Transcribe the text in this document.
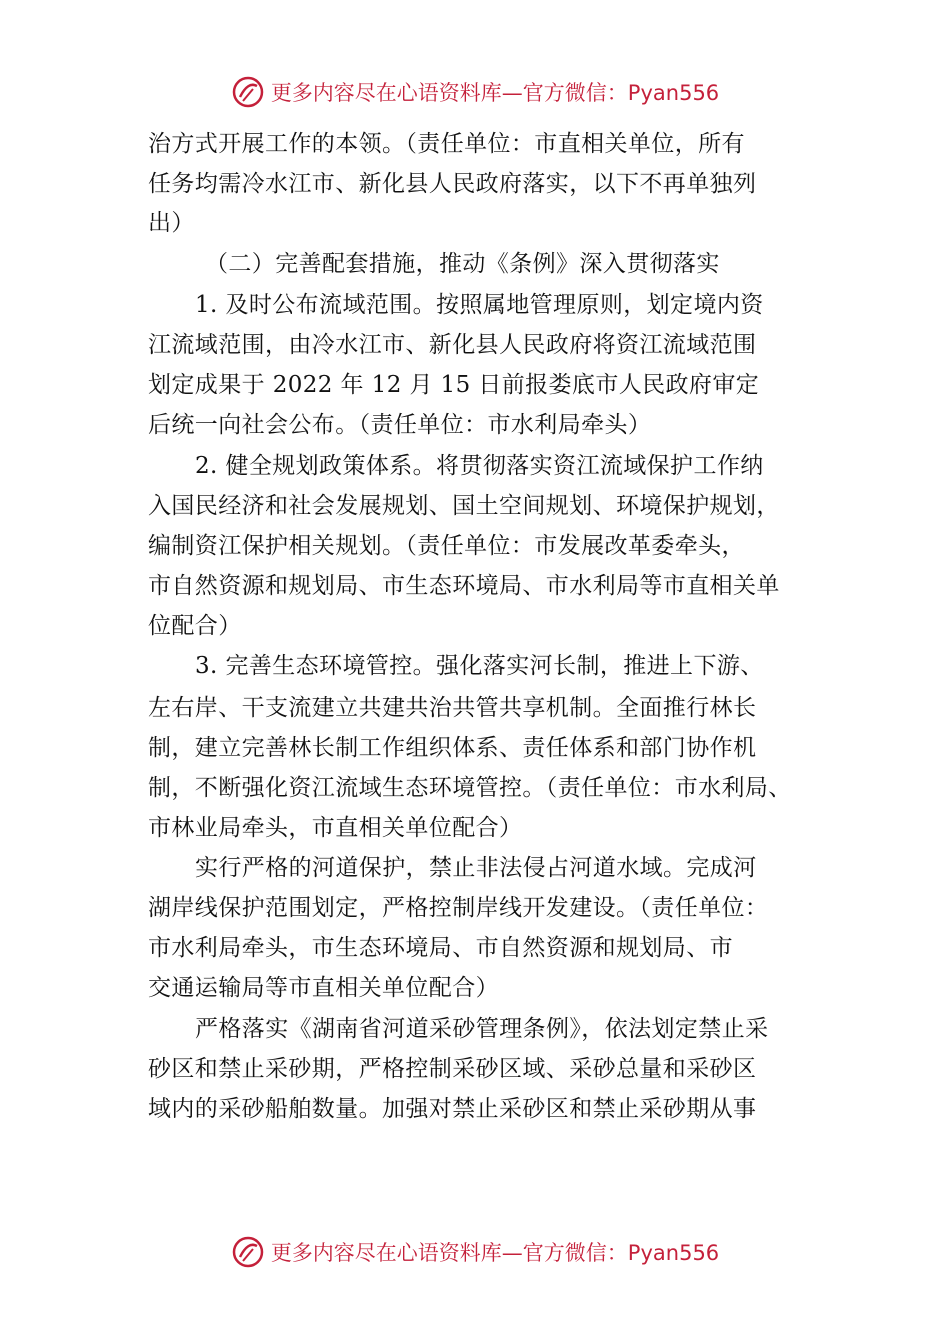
更多内容尽在心语资料库—官方微信：Pyan556
治方式开展工作的本领。（责任单位：市直相关单位，所有
任务均需冷水江市、新化县人民政府落实，以下不再单独列
出）
（二）完善配套措施，推动《条例》深入贯彻落实
1. 及时公布流域范围。按照属地管理原则，划定境内资
江流域范围，由冷水江市、新化县人民政府将资江流域范围
划定成果于 2022 年 12 月 15 日前报娄底市人民政府审定
后统一向社会公布。（责任单位：市水利局牵头）
2. 健全规划政策体系。将贯彻落实资江流域保护工作纳
入国民经济和社会发展规划、国土空间规划、环境保护规划，
编制资江保护相关规划。（责任单位：市发展改革委牵头，
市自然资源和规划局、市生态环境局、市水利局等市直相关单
位配合）
3. 完善生态环境管控。强化落实河长制，推进上下游、
左右岸、干支流建立共建共治共管共享机制。全面推行林长
制，建立完善林长制工作组织体系、责任体系和部门协作机
制，不断强化资江流域生态环境管控。（责任单位：市水利局、
市林业局牵头，市直相关单位配合）
实行严格的河道保护，禁止非法侵占河道水域。完成河
湖岸线保护范围划定，严格控制岸线开发建设。（责任单位：
市水利局牵头，市生态环境局、市自然资源和规划局、市
交通运输局等市直相关单位配合）
严格落实《湖南省河道采砂管理条例》，依法划定禁止采
砂区和禁止采砂期，严格控制采砂区域、采砂总量和采砂区
域内的采砂船舶数量。加强对禁止采砂区和禁止采砂期从事
更多内容尽在心语资料库—官方微信：Pyan556
